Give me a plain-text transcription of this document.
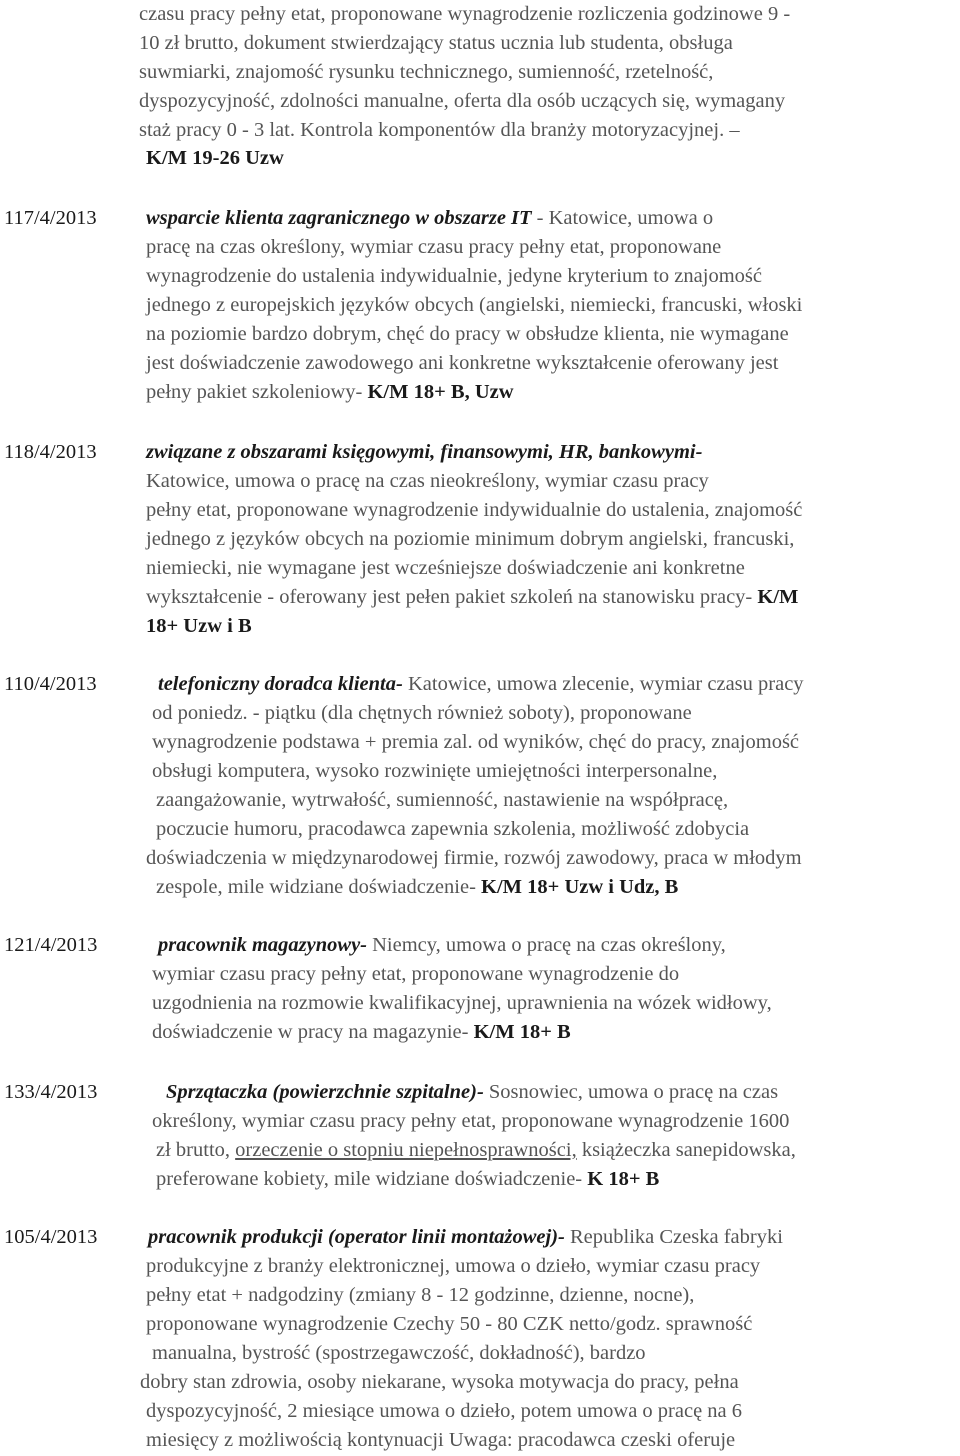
czasu pracy pełny etat, proponowane wynagrodzenie rozliczenia godzinowe 9 -
10 zł brutto, dokument stwierdzający status ucznia lub studenta, obsługa
suwmiarki, znajomość rysunku technicznego, sumienność, rzetelność,
dyspozycyjność, zdolności manualne, oferta dla osób uczących się, wymagany
staż pracy 0 - 3 lat. Kontrola komponentów dla branży motoryzacyjnej. –
K/M 19-26 Uzw
117/4/2013 wsparcie klienta zagranicznego w obszarze IT - Katowice, umowa o
pracę na czas określony, wymiar czasu pracy pełny etat, proponowane
wynagrodzenie do ustalenia indywidualnie, jedyne kryterium to znajomość
jednego z europejskich języków obcych (angielski, niemiecki, francuski, włoski
na poziomie bardzo dobrym, chęć do pracy w obsłudze klienta, nie wymagane
jest doświadczenie zawodowego ani konkretne wykształcenie oferowany jest
pełny pakiet szkoleniowy- K/M 18+ B, Uzw
118/4/2013 związane z obszarami księgowymi, finansowymi, HR, bankowymi-
Katowice, umowa o pracę na czas nieokreślony, wymiar czasu pracy
pełny etat, proponowane wynagrodzenie indywidualnie do ustalenia, znajomość
jednego z języków obcych na poziomie minimum dobrym angielski, francuski,
niemiecki, nie wymagane jest wcześniejsze doświadczenie ani konkretne
wykształcenie - oferowany jest pełen pakiet szkoleń na stanowisku pracy- K/M
18+ Uzw i B
110/4/2013	telefoniczny doradca klienta- Katowice, umowa zlecenie, wymiar czasu pracy
od poniedz. - piątku (dla chętnych również soboty), proponowane
wynagrodzenie podstawa + premia zal. od wyników, chęć do pracy, znajomość
obsługi komputera, wysoko rozwinięte umiejętności interpersonalne,
zaangażowanie, wytrwałość, sumienność, nastawienie na współpracę,
poczucie humoru, pracodawca zapewnia szkolenia, możliwość zdobycia
doświadczenia w międzynarodowej firmie, rozwój zawodowy, praca w młodym
zespole, mile widziane doświadczenie- K/M 18+ Uzw i Udz, B
121/4/2013	pracownik magazynowy- Niemcy, umowa o pracę na czas określony,
wymiar czasu pracy pełny etat, proponowane wynagrodzenie do
uzgodnienia na rozmowie kwalifikacyjnej, uprawnienia na wózek widłowy,
doświadczenie w pracy na magazynie- K/M 18+ B
133/4/2013	Sprzątaczka (powierzchnie szpitalne)- Sosnowiec, umowa o pracę na czas
określony, wymiar czasu pracy pełny etat, proponowane wynagrodzenie 1600
zł brutto, orzeczenie o stopniu niepełnosprawności, książeczka sanepidowska,
preferowane kobiety, mile widziane doświadczenie- K 18+ B
105/4/2013 pracownik produkcji (operator linii montażowej)- Republika Czeska fabryki
produkcyjne z branży elektronicznej, umowa o dzieło, wymiar czasu pracy
pełny etat + nadgodziny (zmiany 8 - 12 godzinne, dzienne, nocne),
proponowane wynagrodzenie Czechy 50 - 80 CZK netto/godz. sprawność
manualna, bystrość (spostrzegawczość, dokładność), bardzo
dobry stan zdrowia, osoby niekarane, wysoka motywacja do pracy, pełna
dyspozycyjność, 2 miesiące umowa o dzieło, potem umowa o pracę na 6
miesięcy z możliwością kontynuacji Uwaga: pracodawca czeski oferuje
